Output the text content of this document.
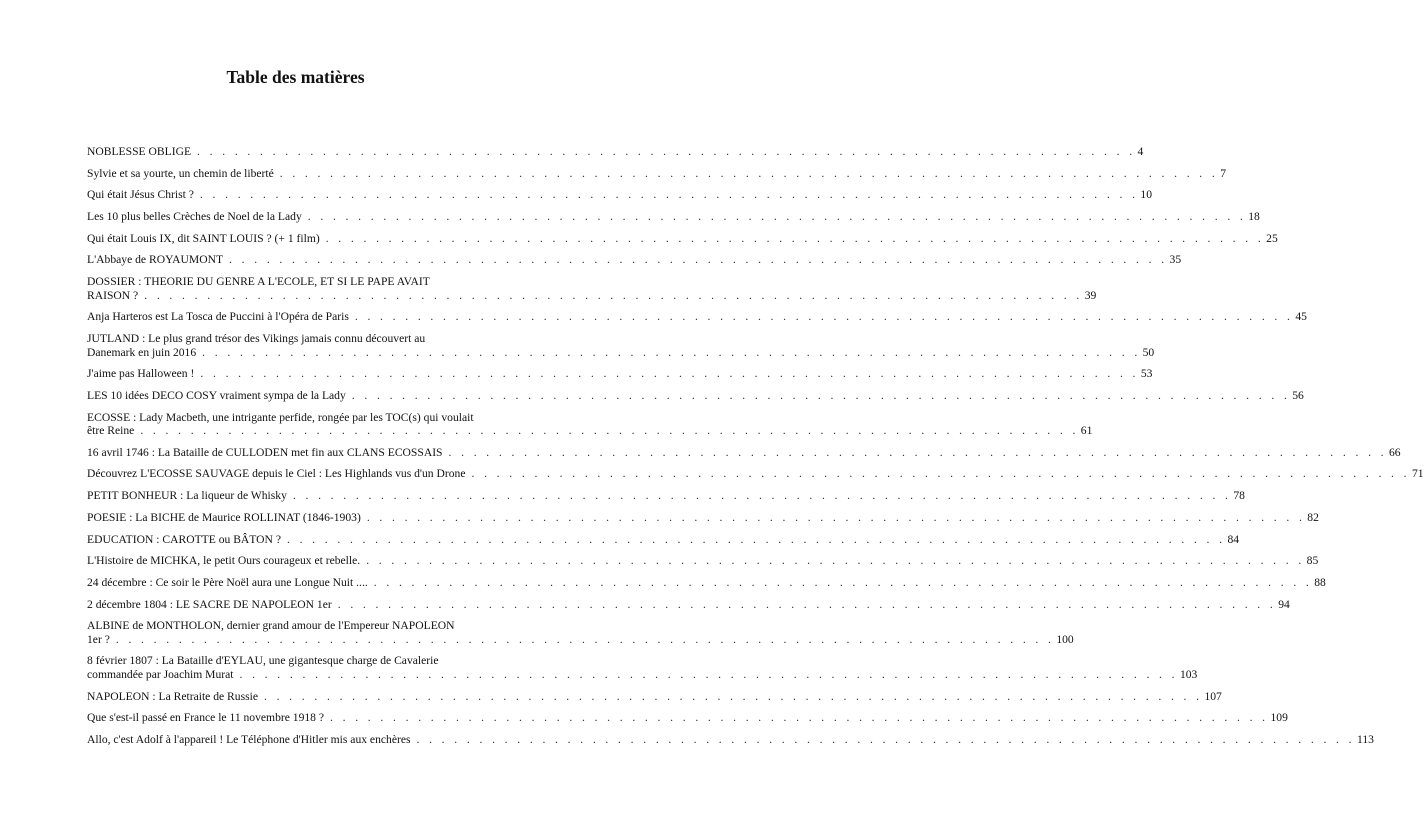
Table des matières
NOBLESSE OBLIGE . . .	4
Sylvie et sa yourte, un chemin de liberté . . .	7
Qui était Jésus Christ ? . . .	10
Les 10 plus belles Crèches de Noel de la Lady . . .	18
Qui était Louis IX, dit SAINT LOUIS ? (+ 1 film) . . .	25
L'Abbaye de ROYAUMONT . . .	35
DOSSIER : THEORIE DU GENRE A L'ECOLE, ET SI LE PAPE AVAIT
RAISON ? . . .	39
Anja Harteros est La Tosca de Puccini à l'Opéra de Paris . . .	45
JUTLAND : Le plus grand trésor des Vikings jamais connu découvert au
Danemark en juin 2016 . . .	50
J'aime pas Halloween ! . . .	53
LES 10 idées DECO COSY vraiment sympa de la Lady . . .	56
ECOSSE : Lady Macbeth, une intrigante perfide, rongée par les TOC(s) qui voulait
être Reine . . .	61
16 avril 1746 : La Bataille de CULLODEN met fin aux CLANS ECOSSAIS . . .	66
Découvrez L'ECOSSE SAUVAGE depuis le Ciel : Les Highlands vus d'un Drone . . .	71
PETIT BONHEUR : La liqueur de Whisky . . .	78
POESIE : La BICHE de Maurice ROLLINAT (1846-1903) . . .	82
EDUCATION : CAROTTE ou BÂTON ? . . .	84
L'Histoire de MICHKA, le petit Ours courageux et rebelle. . . .	85
24 décembre : Ce soir le Père Noël aura une Longue Nuit .... . . .	88
2 décembre 1804 : LE SACRE DE NAPOLEON 1er . . .	94
ALBINE de MONTHOLON, dernier grand amour de l'Empereur NAPOLEON
1er ? . . .	100
8 février 1807 : La Bataille d'EYLAU, une gigantesque charge de Cavalerie
commandée par Joachim Murat . . .	103
NAPOLEON : La Retraite de Russie . . .	107
Que s'est-il passé en France le 11 novembre 1918 ? . . .	109
Allo, c'est Adolf à l'appareil ! Le Téléphone d'Hitler mis aux enchères . . .	113
